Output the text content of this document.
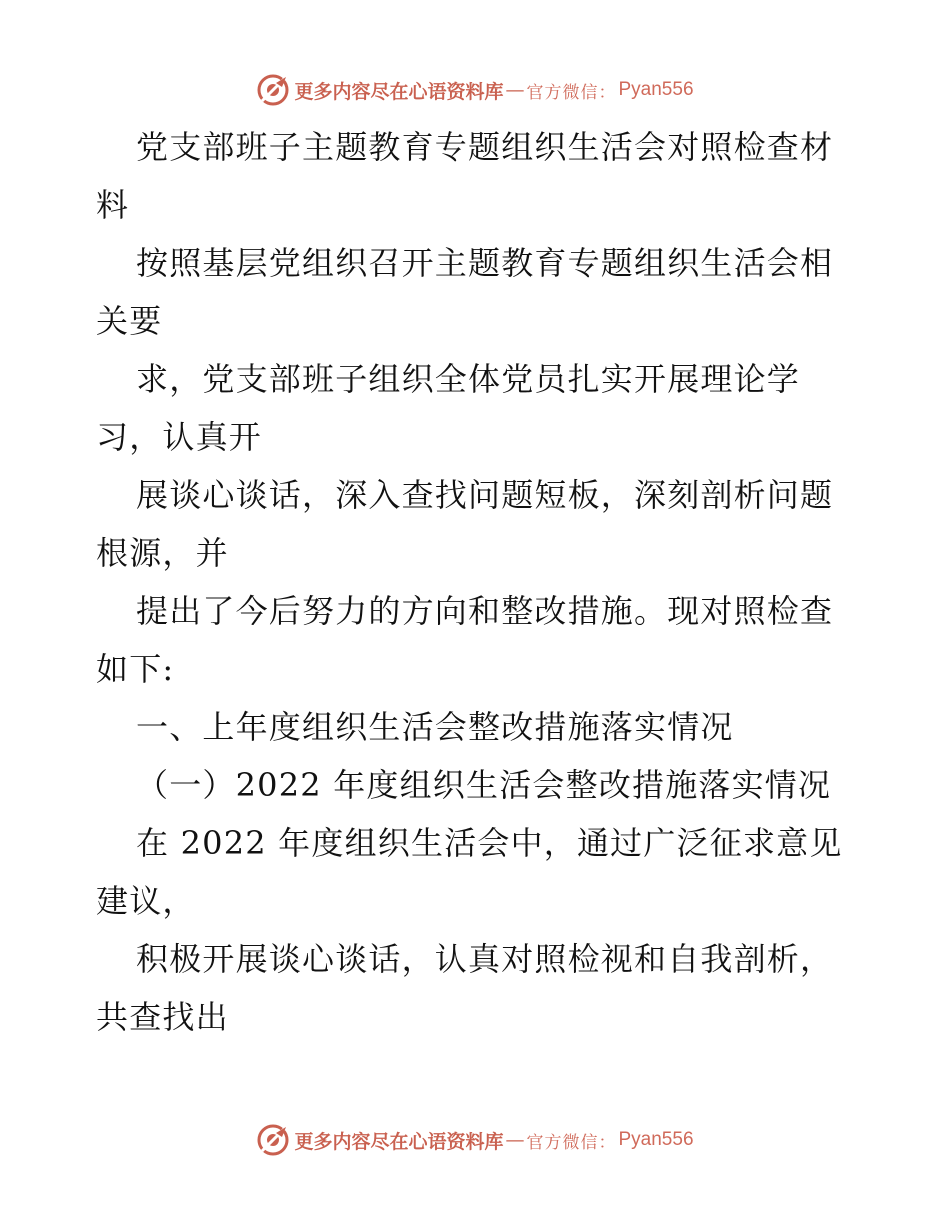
更多内容尽在心语资料库 — 官方微信： Pyan556
党支部班子主题教育专题组织生活会对照检查材
料
按照基层党组织召开主题教育专题组织生活会相
关要
求，党支部班子组织全体党员扎实开展理论学
习，认真开
展谈心谈话，深入查找问题短板，深刻剖析问题
根源，并
提出了今后努力的方向和整改措施。现对照检查
如下:
一、上年度组织生活会整改措施落实情况
（一）2022 年度组织生活会整改措施落实情况
在 2022 年度组织生活会中，通过广泛征求意见
建议，
积极开展谈心谈话，认真对照检视和自我剖析，
共查找出
更多内容尽在心语资料库 — 官方微信： Pyan556
